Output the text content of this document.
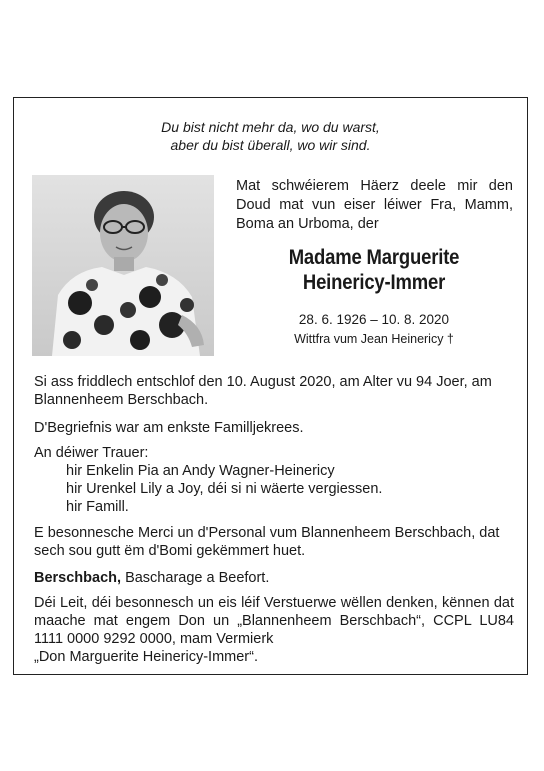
Du bist nicht mehr da, wo du warst,
aber du bist überall, wo wir sind.
Mat schwéierem Häerz deele mir den Doud mat vun eiser léiwer Fra, Mamm, Boma an Urboma, der
Madame Marguerite
Heinericy-Immer
28. 6. 1926 – 10. 8. 2020
Wittfra vum Jean Heinericy †
Si ass friddlech entschlof den 10. August 2020, am Alter vu 94 Joer, am Blannenheem Berschbach.
D'Begriefnis war am enkste Familljekrees.
An déiwer Trauer:
hir Enkelin Pia an Andy Wagner-Heinericy
hir Urenkel Lily a Joy, déi si ni wäerte vergiessen.
hir Famill.
E besonnesche Merci un d'Personal vum Blannenheem Berschbach, dat sech sou gutt ëm d'Bomi gekëmmert huet.
Berschbach, Bascharage a Beefort.
Déi Leit, déi besonnesch un eis léif Verstuerwe wëllen denken, kënnen dat maache mat engem Don un „Blannenheem Berschbach“, CCPL LU84 1111 0000 9292 0000, mam Vermierk
„Don Marguerite Heinericy-Immer“.
